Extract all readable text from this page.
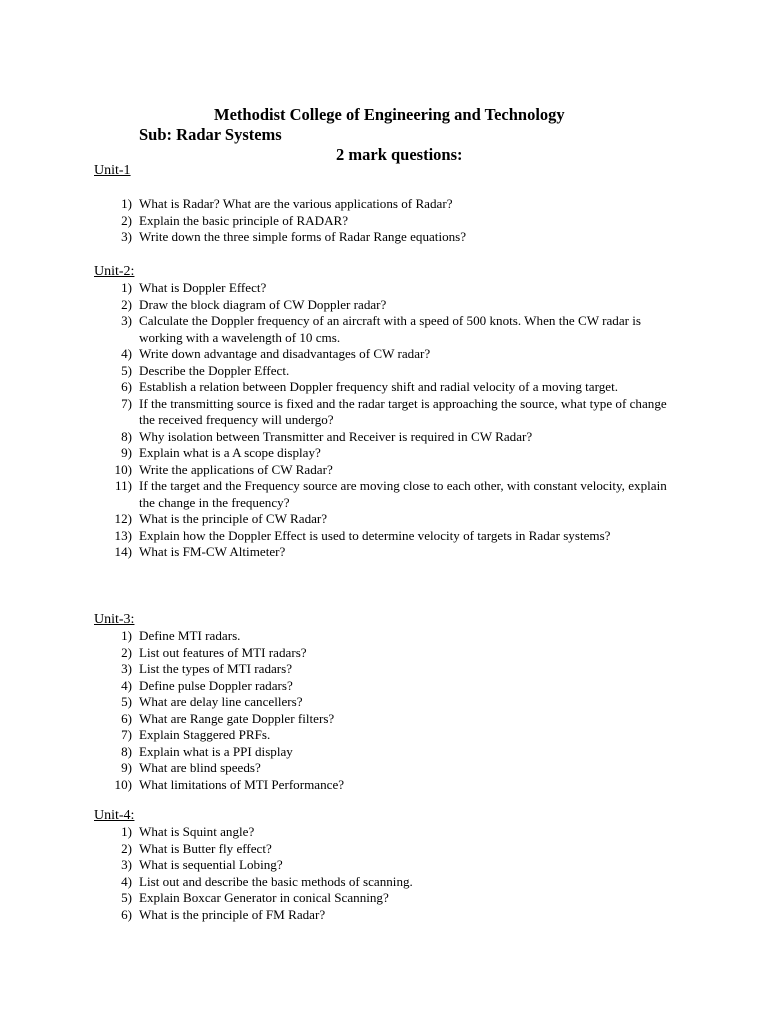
Methodist College of Engineering and Technology
Sub: Radar Systems
2 mark questions:
Unit-1
1) What is Radar? What are the various applications of Radar?
2) Explain the basic principle of RADAR?
3) Write down the three simple forms of Radar Range equations?
Unit-2:
1) What is Doppler Effect?
2) Draw the block diagram of CW Doppler radar?
3) Calculate the Doppler frequency of an aircraft with a speed of 500 knots. When the CW radar is working with a wavelength of 10 cms.
4) Write down advantage and disadvantages of CW radar?
5) Describe the Doppler Effect.
6) Establish a relation between Doppler frequency shift and radial velocity of a moving target.
7) If the transmitting source is fixed and the radar target is approaching the source, what type of change the received frequency will undergo?
8) Why isolation between Transmitter and Receiver is required in CW Radar?
9) Explain what is a A scope display?
10) Write the applications of CW Radar?
11) If the target and the Frequency source are moving close to each other, with constant velocity, explain the change in the frequency?
12) What is the principle of CW Radar?
13) Explain how the Doppler Effect is used to determine velocity of targets in Radar systems?
14) What is FM-CW Altimeter?
Unit-3:
1) Define MTI radars.
2) List out features of MTI radars?
3) List the types of MTI radars?
4) Define pulse Doppler radars?
5) What are delay line cancellers?
6) What are Range gate Doppler filters?
7) Explain Staggered PRFs.
8) Explain what is a PPI display
9) What are blind speeds?
10) What limitations of MTI Performance?
Unit-4:
1) What is Squint angle?
2) What is Butter fly effect?
3) What is sequential Lobing?
4) List out and describe the basic methods of scanning.
5) Explain Boxcar Generator in conical Scanning?
6) What is the principle of FM Radar?
